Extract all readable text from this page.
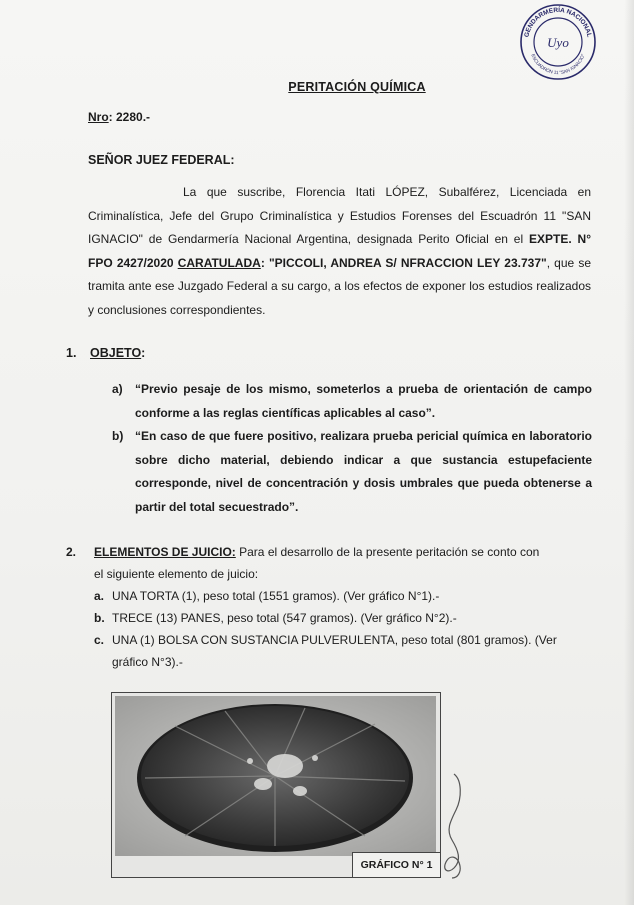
GENDARMERÍA NACIONAL
ESCUADRÓN 11 "SAN IGNACIO"
Uyo
PERITACIÓN QUÍMICA
Nro: 2280.-
SEÑOR JUEZ FEDERAL:
La que suscribe, Florencia Itati LÓPEZ, Subalférez, Licenciada en Criminalística, Jefe del Grupo Criminalística y Estudios Forenses del Escuadrón 11 "SAN IGNACIO" de Gendarmería Nacional Argentina, designada Perito Oficial en el EXPTE. N° FPO 2427/2020 CARATULADA: "PICCOLI, ANDREA S/ NFRACCION LEY 23.737", que se tramita ante ese Juzgado Federal a su cargo, a los efectos de exponer los estudios realizados y conclusiones correspondientes.
1. OBJETO:
a)	“Previo pesaje de los mismo, someterlos a prueba de orientación de campo conforme a las reglas científicas aplicables al caso”.
b) “En caso de que fuere positivo, realizara prueba pericial química en laboratorio sobre dicho material, debiendo indicar a que sustancia estupefaciente corresponde, nivel de concentración y dosis umbrales que pueda obtenerse a partir del total secuestrado”.
2.	ELEMENTOS DE JUICIO: Para el desarrollo de la presente peritación se conto con
el siguiente elemento de juicio:
a. UNA TORTA (1), peso total (1551 gramos). (Ver gráfico N°1).-
b. TRECE (13) PANES, peso total (547 gramos). (Ver gráfico N°2).-
c. UNA (1) BOLSA CON SUSTANCIA PULVERULENTA, peso total (801 gramos). (Ver gráfico N°3).-
GRÁFICO N° 1
